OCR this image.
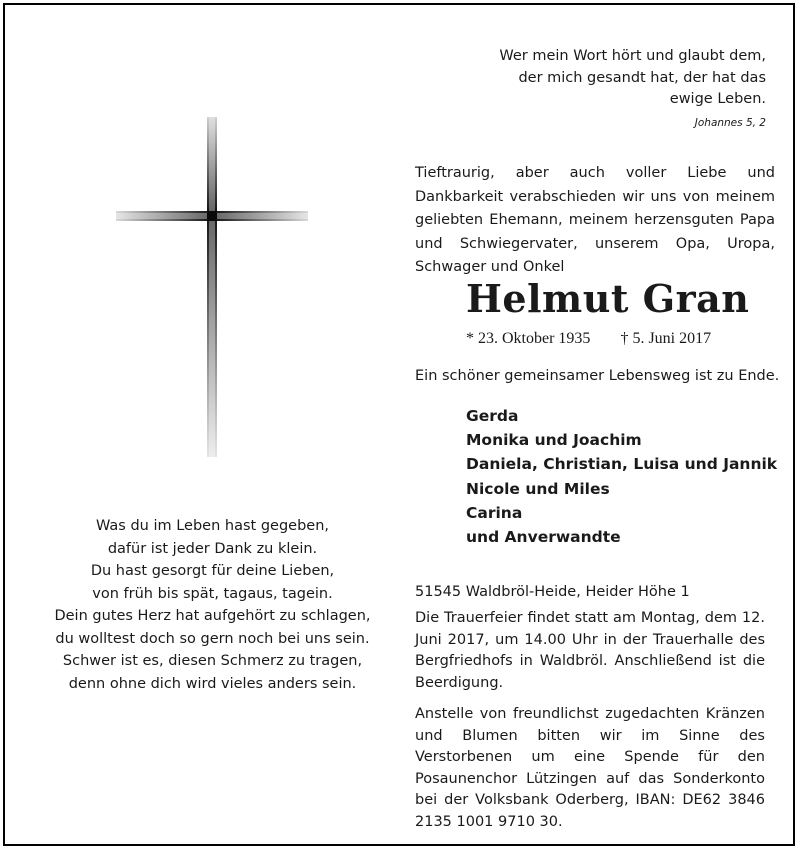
Wer mein Wort hört und glaubt dem,
der mich gesandt hat, der hat das
ewige Leben.
Johannes 5, 2
Tieftraurig, aber auch voller Liebe und Dankbarkeit verabschieden wir uns von meinem geliebten Ehemann, meinem herzensguten Papa und Schwiegervater, unserem Opa, Uropa, Schwager und Onkel
Helmut Gran
* 23. Oktober 1935 † 5. Juni 2017
Ein schöner gemeinsamer Lebensweg ist zu Ende.
Gerda
Monika und Joachim
Daniela, Christian, Luisa und Jannik
Nicole und Miles
Carina
und Anverwandte
51545 Waldbröl-Heide, Heider Höhe 1
Die Trauerfeier findet statt am Montag, dem 12. Juni 2017, um 14.00 Uhr in der Trauerhalle des Bergfriedhofs in Waldbröl. Anschließend ist die Beerdigung.
Anstelle von freundlichst zugedachten Kränzen und Blumen bitten wir im Sinne des Verstorbenen um eine Spende für den Posaunenchor Lützingen auf das Sonderkonto bei der Volksbank Oderberg, IBAN: DE62 3846 2135 1001 9710 30.
Was du im Leben hast gegeben,
dafür ist jeder Dank zu klein.
Du hast gesorgt für deine Lieben,
von früh bis spät, tagaus, tagein.
Dein gutes Herz hat aufgehört zu schlagen,
du wolltest doch so gern noch bei uns sein.
Schwer ist es, diesen Schmerz zu tragen,
denn ohne dich wird vieles anders sein.
